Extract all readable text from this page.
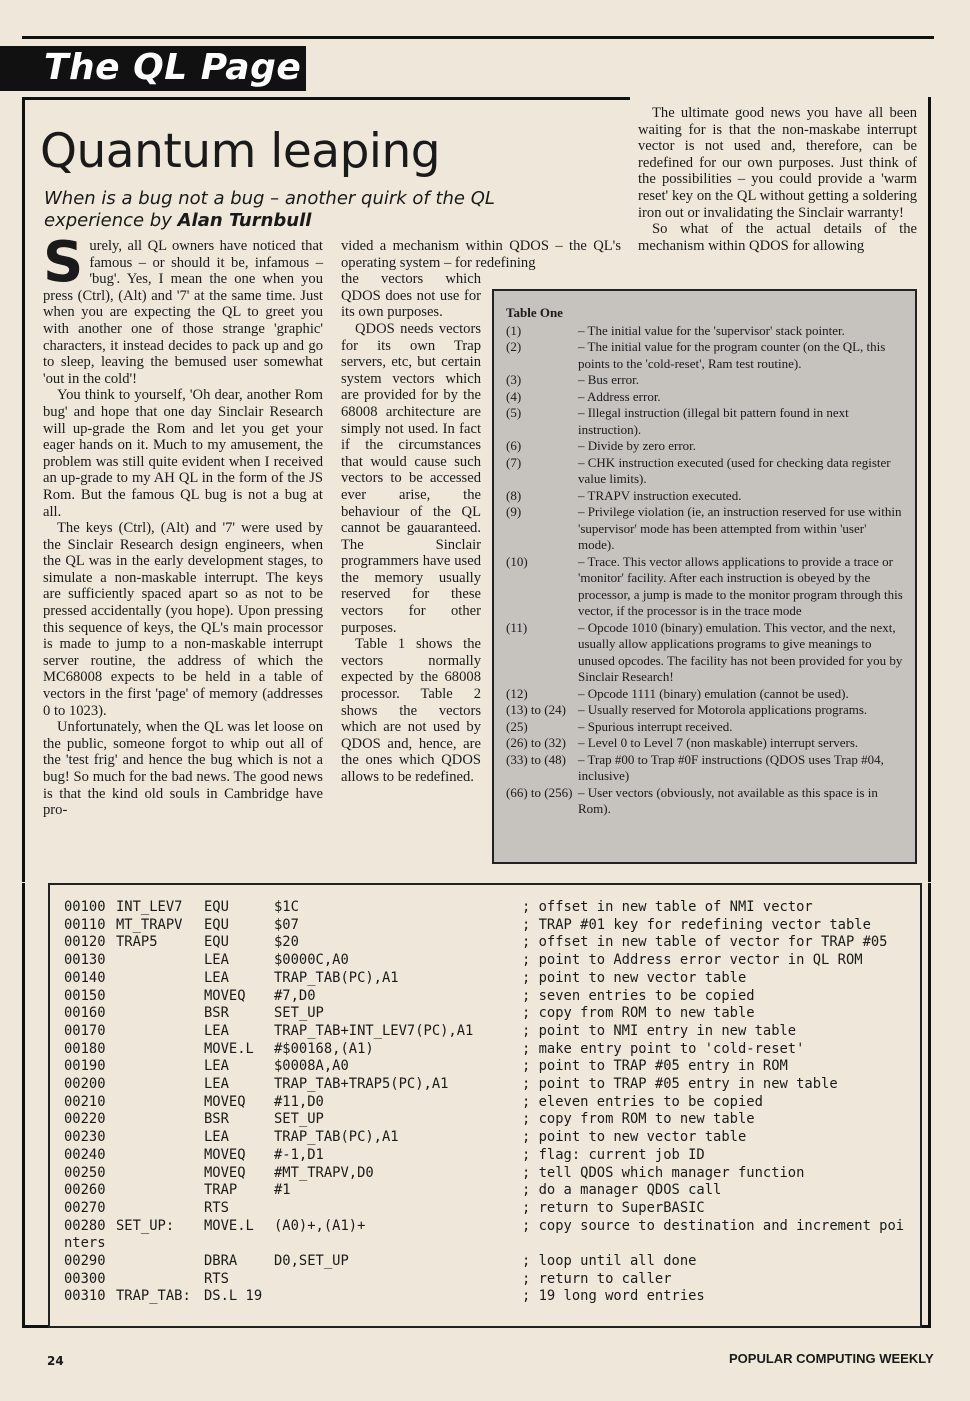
The QL Page
Quantum leaping
When is a bug not a bug – another quirk of the QL experience by Alan Turnbull

Surely, all QL owners have noticed that famous – or should it be, infamous – 'bug'. Yes, I mean the one when you press (Ctrl), (Alt) and '7' at the same time. Just when you are expecting the QL to greet you with another one of those strange 'graphic' characters, it instead decides to pack up and go to sleep, leaving the bemused user somewhat 'out in the cold'!

You think to yourself, 'Oh dear, another Rom bug' and hope that one day Sinclair Research will up-grade the Rom and let you get your eager hands on it. Much to my amusement, the problem was still quite evident when I received an up-grade to my AH QL in the form of the JS Rom. But the famous QL bug is not a bug at all.

The keys (Ctrl), (Alt) and '7' were used by the Sinclair Research design engineers, when the QL was in the early development stages, to simulate a non-maskable interrupt. The keys are sufficiently spaced apart so as not to be pressed accidentally (you hope). Upon pressing this sequence of keys, the QL's main processor is made to jump to a non-maskable interrupt server routine, the address of which the MC68008 expects to be held in a table of vectors in the first 'page' of memory (addresses 0 to 1023).

Unfortunately, when the QL was let loose on the public, someone forgot to whip out all of the 'test frig' and hence the bug which is not a bug! So much for the bad news. The good news is that the kind old souls in Cambridge have pro-

vided a mechanism within QDOS – the QL's operating system – for redefining

the vectors which QDOS does not use for its own purposes.

QDOS needs vectors for its own Trap servers, etc, but certain system vectors which are provided for by the 68008 architecture are simply not used. In fact if the circumstances that would cause such vectors to be accessed ever arise, the behaviour of the QL cannot be gauaranteed. The Sinclair programmers have used the memory usually reserved for these vectors for other purposes.

Table 1 shows the vectors normally expected by the 68008 processor. Table 2 shows the vectors which are not used by QDOS and, hence, are the ones which QDOS allows to be redefined.

The ultimate good news you have all been waiting for is that the non-maskabe interrupt vector is not used and, therefore, can be redefined for our own purposes. Just think of the possibilities – you could provide a 'warm reset' key on the QL without getting a soldering iron out or invalidating the Sinclair warranty!

So what of the actual details of the mechanism within QDOS for allowing

Table One
(1)	– The initial value for the 'supervisor' stack pointer.
(2)	– The initial value for the program counter (on the QL, this points to the 'cold-reset', Ram test routine).
(3)	– Bus error.
(4)	– Address error.
(5)	– Illegal instruction (illegal bit pattern found in next instruction).
(6)	– Divide by zero error.
(7)	– CHK instruction executed (used for checking data register value limits).
(8)	– TRAPV instruction executed.
(9)	– Privilege violation (ie, an instruction reserved for use within 'supervisor' mode has been attempted from within 'user' mode).
(10)	– Trace. This vector allows applications to provide a trace or 'monitor' facility. After each instruction is obeyed by the processor, a jump is made to the monitor program through this vector, if the processor is in the trace mode
(11)	– Opcode 1010 (binary) emulation. This vector, and the next, usually allow applications programs to give meanings to unused opcodes. The facility has not been provided for you by Sinclair Research!
(12)	– Opcode 1111 (binary) emulation (cannot be used).
(13) to (24) – Usually reserved for Motorola applications programs.
(25)	– Spurious interrupt received.
(26) to (32) – Level 0 to Level 7 (non maskable) interrupt servers.
(33) to (48) – Trap #00 to Trap #0F instructions (QDOS uses Trap #04, inclusive)
(66) to (256) – User vectors (obviously, not available as this space is in Rom).
00100 INT_LEV7 EQU	$1C	; offset in new table of NMI vector
00110 MT_TRAPV EQU	$07	; TRAP #01 key for redefining vector table
00120 TRAP5	EQU	$20	; offset in new table of vector for TRAP #05
00130	LEA	$0000C,A0	; point to Address error vector in QL ROM
00140	LEA	TRAP_TAB(PC),A1	; point to new vector table
00150	MOVEQ #7,D0	; seven entries to be copied
00160	BSR	SET_UP	; copy from ROM to new table
00170	LEA	TRAP_TAB+INT_LEV7(PC),A1	; point to NMI entry in new table
00180	MOVE.L #$00168,(A1)	; make entry point to 'cold-reset'
00190	LEA	$0008A,A0	; point to TRAP #05 entry in ROM
00200	LEA	TRAP_TAB+TRAP5(PC),A1	; point to TRAP #05 entry in new table
00210	MOVEQ #11,D0	; eleven entries to be copied
00220	BSR	SET_UP	; copy from ROM to new table
00230	LEA	TRAP_TAB(PC),A1	; point to new vector table
00240	MOVEQ #-1,D1	; flag: current job ID
00250	MOVEQ #MT_TRAPV,D0	; tell QDOS which manager function
00260	TRAP	#1	; do a manager QDOS call
00270	RTS	; return to SuperBASIC
00280 SET_UP: MOVE.L (A0)+,(A1)+	; copy source to destination and increment poi
nters
00290	DBRA	D0,SET_UP	; loop until all done
00300	RTS	; return to caller
00310 TRAP_TAB: DS.L 19	; 19 long word entries
24	POPULAR COMPUTING WEEKLY
